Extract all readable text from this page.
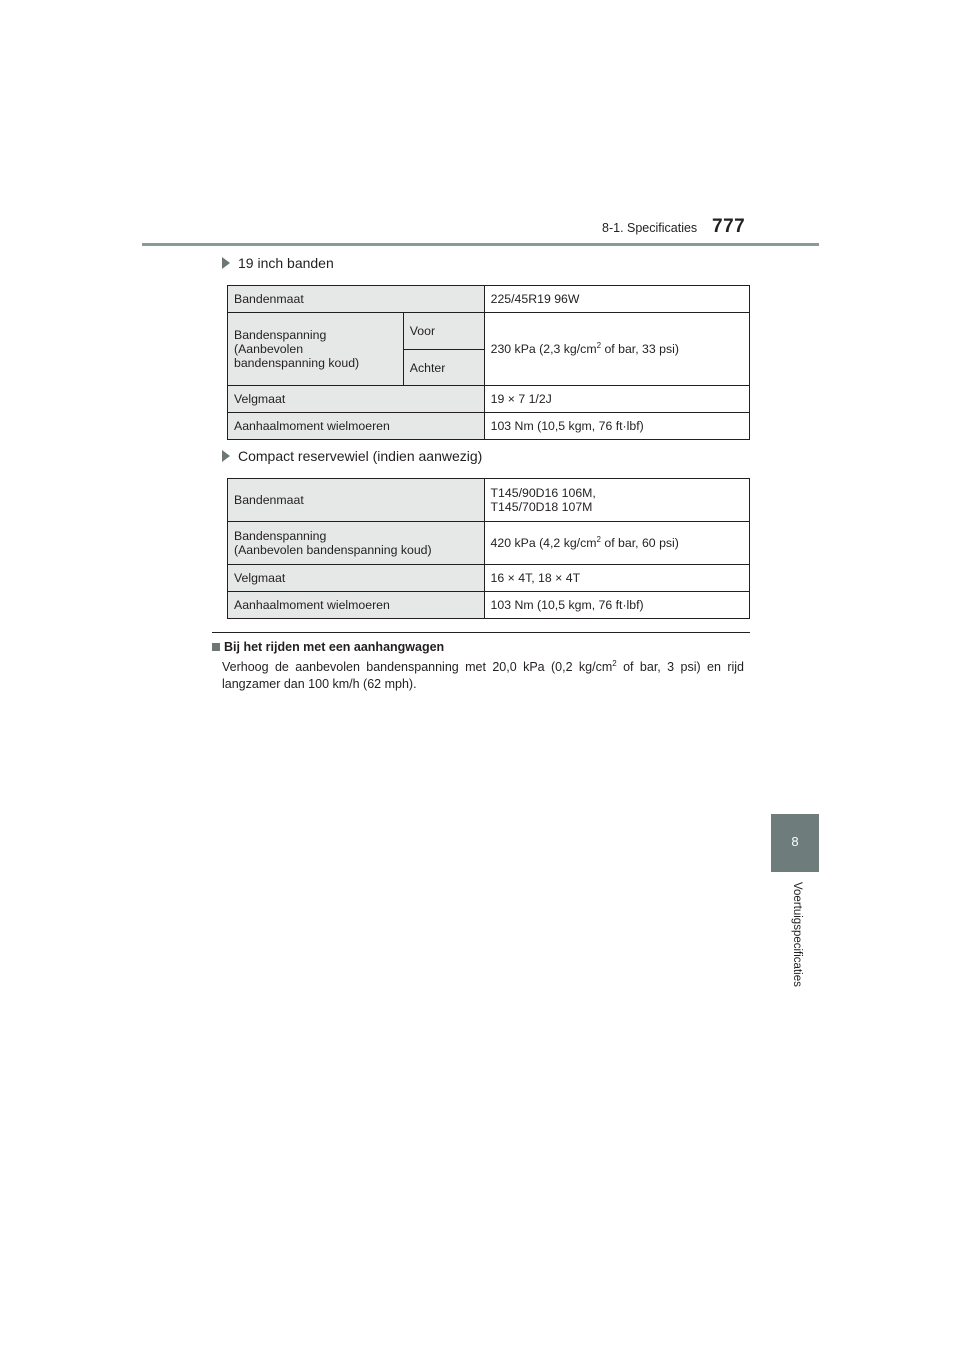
8-1. Specificaties 777
19 inch banden
Bandenmaat		225/45R19 96W
Bandenspanning
(Aanbevolen
bandenspanning koud)	Voor	230 kPa (2,3 $kg/cm^2$ of bar, 33 psi)
	Achter	
Velgmaat		19 × 7 1/2J
Aanhaalmoment wielmoeren		103 Nm (10,5 kgm, 76 ft·lbf)
Compact reservewiel (indien aanwezig)
Bandenmaat	T145/90D16 106M,
T145/70D18 107M
Bandenspanning
(Aanbevolen bandenspanning koud)	420 kPa (4,2 $kg/cm^2$ of bar, 60 psi)
Velgmaat	16 × 4T, 18 × 4T
Aanhaalmoment wielmoeren	103 Nm (10,5 kgm, 76 ft·lbf)
Bij het rijden met een aanhangwagen
Verhoog de aanbevolen bandenspanning met 20,0 kPa (0,2 $kg/cm^2$ of bar, 3 psi) en rijd langzamer dan 100 km/h (62 mph).
8
Voertuigspecificaties
